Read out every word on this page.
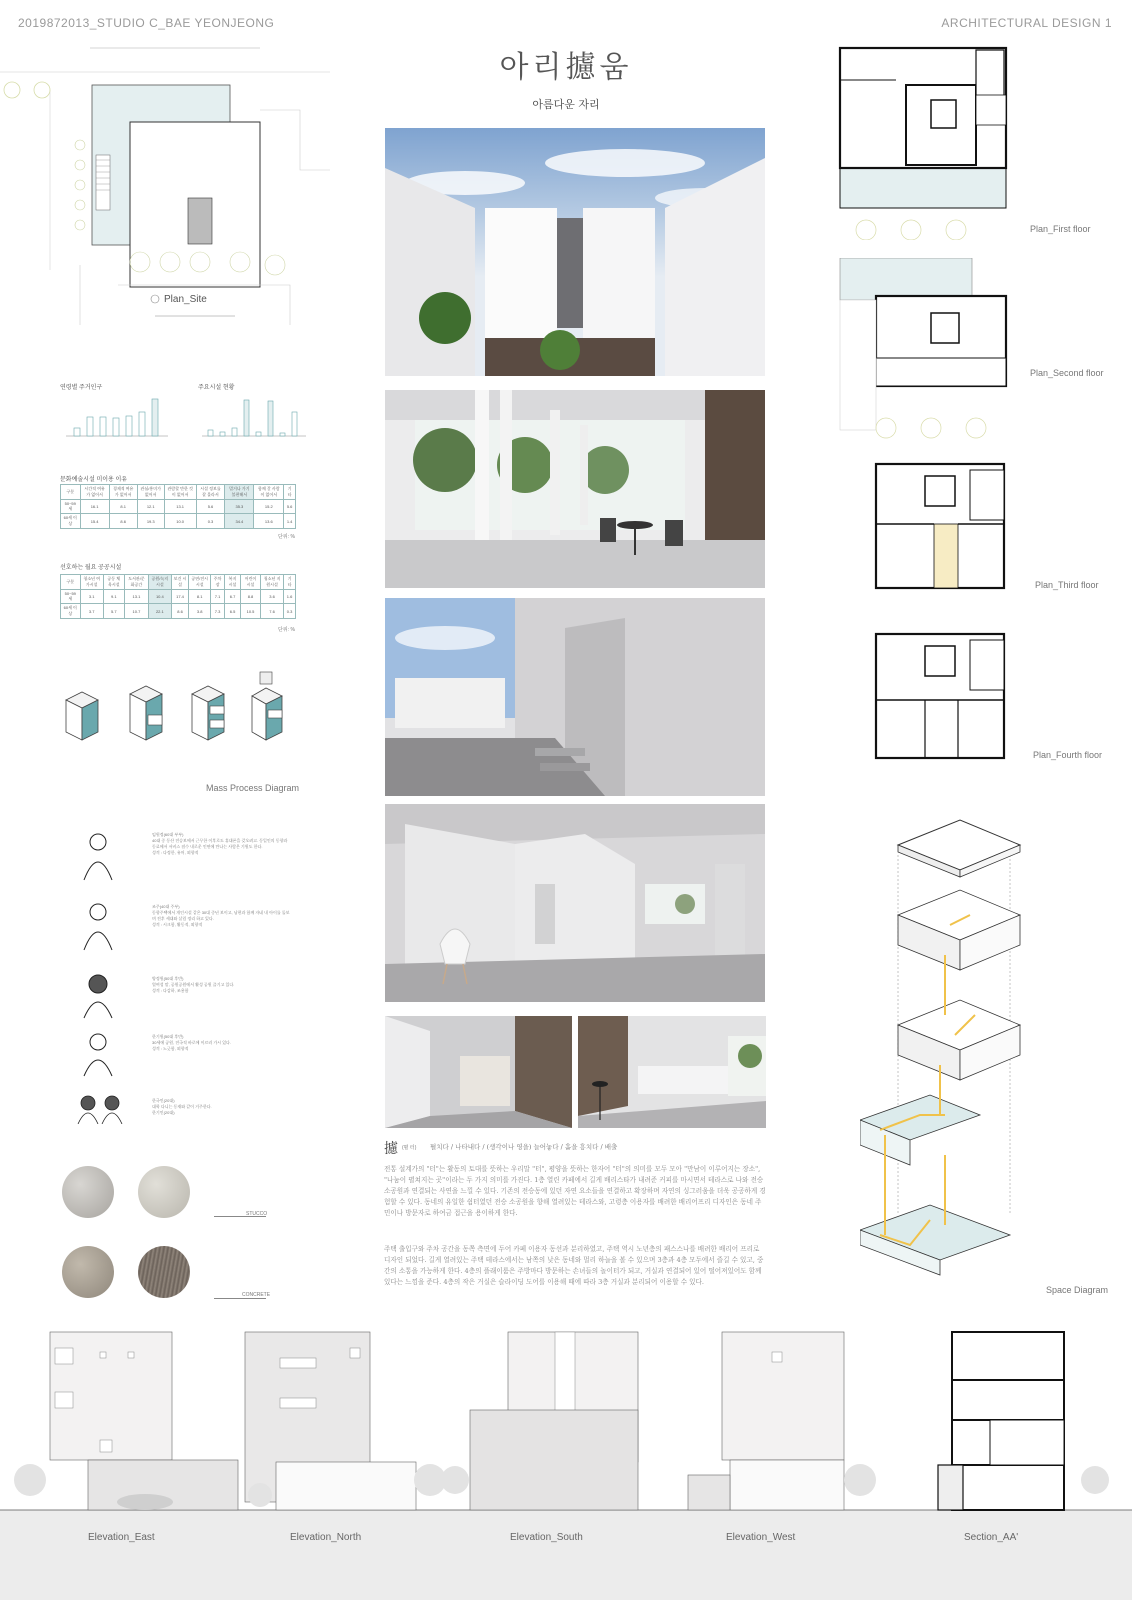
2019872013_STUDIO C_BAE YEONJEONG	ARCHITECTURAL DESIGN 1
아리攄움
아름다운 자리
Plan_Site
Plan_First floor
Plan_Second floor
Plan_Third floor
Plan_Fourth floor
연령별 주거인구	주요시설 현황
문화예술시설 미이용 이유
구분	시간적 여유가 없어서	경제적 여유가 없어서	관심/흥미가 없어서	관람할 만한 것이 없어서	시설 정보를 잘 몰라서	멀거나 가기 불편해서	함께 갈 사람이 없어서	기타
50~59세	16.1	8.1	12.1	13.1	5.6	35.3	15.2	5.6
60세 이상	15.4	8.6	19.3	10.0	0.3	34.4	13.6	1.4
단위: %
선호하는 월요 공공시설
구분	청소년 여가시설	공동 체육시설	도서관/문화공간	공원/녹지 시설	보건 시설	공연/전시 시설	주차장	복지시설	어린이 시설	청소년 지원시설	기타
50~59세	3.1	9.1	13.1	10.4	17.4	8.1	7.1	6.7	8.8	3.6	1.6
60세 이상	3.7	5.7	10.7	22.1	8.6	3.8	7.3	6.5	10.5	7.6	0.3
단위: %
Mass Process Diagram
임원정(60대 부부)
40대 중 동산 전승보에서 근무한 이후로도 휴대폰을 갖오려고. 동일인의 동향과 동료에서 서비스 점수 내로운 인연에 만나는 사람은 기원도 한다.
성격 : 다정한, 유머, 외향적
조주(40대 주부)
동향주택에서 개인시설 같은 30대 중년 보이고, 남편과 함께 자네 내 아이를 돌보며 전후 세대와 살림 정리 하고 있다.
성격 : 시크함, 활동적, 외향적
양정원(50대 후반)
열여성 말, 공원공원에서 활성 공원 즐기고 있다.
성격 : 다감하, 조용함
한기원(50대 후반)
30세에 공원, 전국적 바로에 이르러 가시 있다.
성격 : 느긋함, 외향적
한국인(20대)
대학 다니는 동재와 같이 거주한다.
한기인(20대)
STUCCO
CONCRETE
攄 (펼 터) 펼치다 / 나타내다 / (생각이나 영을) 늘어놓다 / 흩을 흥치다 / 배출
전통 설계가의 "터"는 활동의 토대를 뜻하는 우리말 "터", 평양을 뜻하는 한자어 "터"의 의미를 모두 모아 "만남이 이루어지는 장소", "나눔이 펼쳐지는 곳"이라는 두 가지 의미를 가진다. 1층 열린 카페에서 길게 배리스타가 내려준 커피를 마시면서 테라스로 나와 전승 소공원과 연결되는 사연을 느낄 수 있다. 기존의 전승동에 있던 자연 요소들을 연결하고 확장하며 자연의 싱그러움을 더욱 공공하게 경험할 수 있다. 동네의 유일한 쉼터였던 전승 소공원을 향해 열려있는 테라스와, 고령층 이용자를 배려한 배리어프리 디자인은 동네 주민이나 방문자로 하여금 접근을 용이하게 한다.
주택 출입구와 주차 공간을 동쪽 측면에 두어 카페 이용자 동선과 분리하였고, 주택 역시 노년층의 패스스나를 배려한 배리어 프리로 디자인 되었다. 길게 열려있는 주택 테라스에서는 남쪽의 낮은 동네와 멀리 하늘을 볼 수 있으며 3층과 4층 모두에서 즐길 수 있고, 중간의 소통을 가능하게 한다. 4층의 플래이룸은 주방마다 방문하는 손녀들의 놀이터가 되고, 거실과 연결되어 있어 떨어져있어도 함께 있다는 느낌을 준다. 4층의 작은 거실은 슬라이딩 도어를 이용해 때에 따라 3층 거실과 분리되어 이용할 수 있다.
Space Diagram
Elevation_East	Elevation_North	Elevation_South	Elevation_West	Section_AA'
